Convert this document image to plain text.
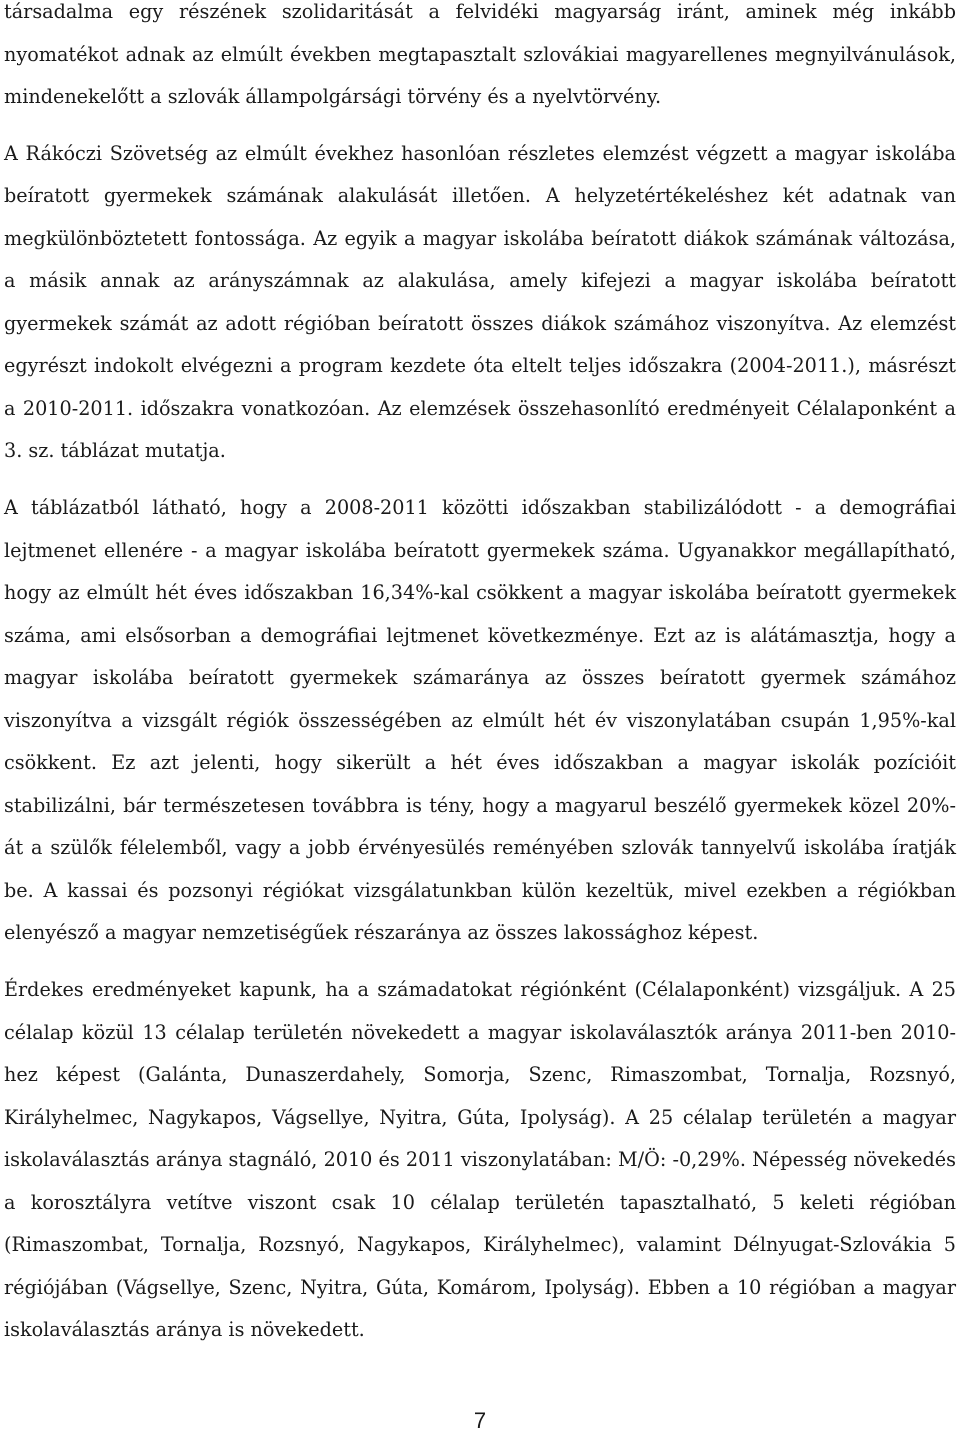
társadalma egy részének szolidaritását a felvidéki magyarság iránt, aminek még inkább nyomatékot adnak az elmúlt években megtapasztalt szlovákiai magyarellenes megnyilvánulások, mindenekelőtt a szlovák állampolgársági törvény és a nyelvtörvény.

A Rákóczi Szövetség az elmúlt évekhez hasonlóan részletes elemzést végzett a magyar iskolába beíratott gyermekek számának alakulását illetően. A helyzetértékeléshez két adatnak van megkülönböztetett fontossága. Az egyik a magyar iskolába beíratott diákok számának változása, a másik annak az arányszámnak az alakulása, amely kifejezi a magyar iskolába beíratott gyermekek számát az adott régióban beíratott összes diákok számához viszonyítva. Az elemzést egyrészt indokolt elvégezni a program kezdete óta eltelt teljes időszakra (2004-2011.), másrészt a 2010-2011. időszakra vonatkozóan. Az elemzések összehasonlító eredményeit Célalaponként a 3. sz. táblázat mutatja.

A táblázatból látható, hogy a 2008-2011 közötti időszakban stabilizálódott - a demográfiai lejtmenet ellenére - a magyar iskolába beíratott gyermekek száma. Ugyanakkor megállapítható, hogy az elmúlt hét éves időszakban 16,34%-kal csökkent a magyar iskolába beíratott gyermekek száma, ami elsősorban a demográfiai lejtmenet következménye. Ezt az is alátámasztja, hogy a magyar iskolába beíratott gyermekek számaránya az összes beíratott gyermek számához viszonyítva a vizsgált régiók összességében az elmúlt hét év viszonylatában csupán 1,95%-kal csökkent. Ez azt jelenti, hogy sikerült a hét éves időszakban a magyar iskolák pozícióit stabilizálni, bár természetesen továbbra is tény, hogy a magyarul beszélő gyermekek közel 20%-át a szülők félelemből, vagy a jobb érvényesülés reményében szlovák tannyelvű iskolába íratják be. A kassai és pozsonyi régiókat vizsgálatunkban külön kezeltük, mivel ezekben a régiókban elenyésző a magyar nemzetiségűek részaránya az összes lakossághoz képest.

Érdekes eredményeket kapunk, ha a számadatokat régiónként (Célalaponként) vizsgáljuk. A 25 célalap közül 13 célalap területén növekedett a magyar iskolaválasztók aránya 2011-ben 2010-hez képest (Galánta, Dunaszerdahely, Somorja, Szenc, Rimaszombat, Tornalja, Rozsnyó, Királyhelmec, Nagykapos, Vágsellye, Nyitra, Gúta, Ipolyság). A 25 célalap területén a magyar iskolaválasztás aránya stagnáló, 2010 és 2011 viszonylatában: M/Ö: -0,29%. Népesség növekedés a korosztályra vetítve viszont csak 10 célalap területén tapasztalható, 5 keleti régióban (Rimaszombat, Tornalja, Rozsnyó, Nagykapos, Királyhelmec), valamint Délnyugat-Szlovákia 5 régiójában (Vágsellye, Szenc, Nyitra, Gúta, Komárom, Ipolyság). Ebben a 10 régióban a magyar iskolaválasztás aránya is növekedett.

7
